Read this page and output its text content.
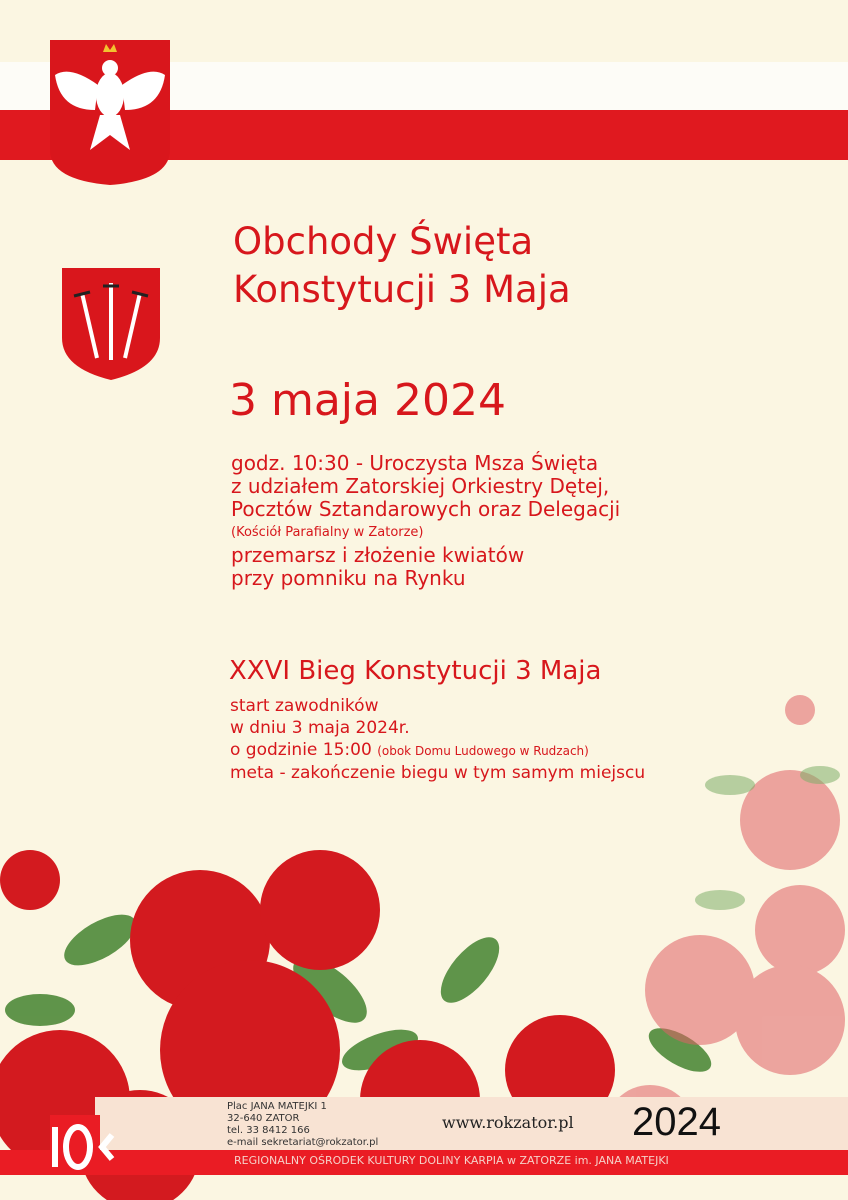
Obchody Święta
Konstytucji 3 Maja
3 maja 2024
godz. 10:30 - Uroczysta Msza Święta
z udziałem Zatorskiej Orkiestry Dętej,
Pocztów Sztandarowych oraz Delegacji
(Kościół Parafialny w Zatorze)
przemarsz i złożenie kwiatów
przy pomniku na Rynku
XXVI Bieg Konstytucji 3 Maja
start zawodników
w dniu 3 maja 2024r.
o godzinie 15:00 (obok Domu Ludowego w Rudzach)
meta - zakończenie biegu w tym samym miejscu
Plac JANA MATEJKI 1
32-640 ZATOR
tel. 33 8412 166
e-mail sekretariat@rokzator.pl
www.rokzator.pl 2024
REGIONALNY OŚRODEK KULTURY DOLINY KARPIA w ZATORZE im. JANA MATEJKI
